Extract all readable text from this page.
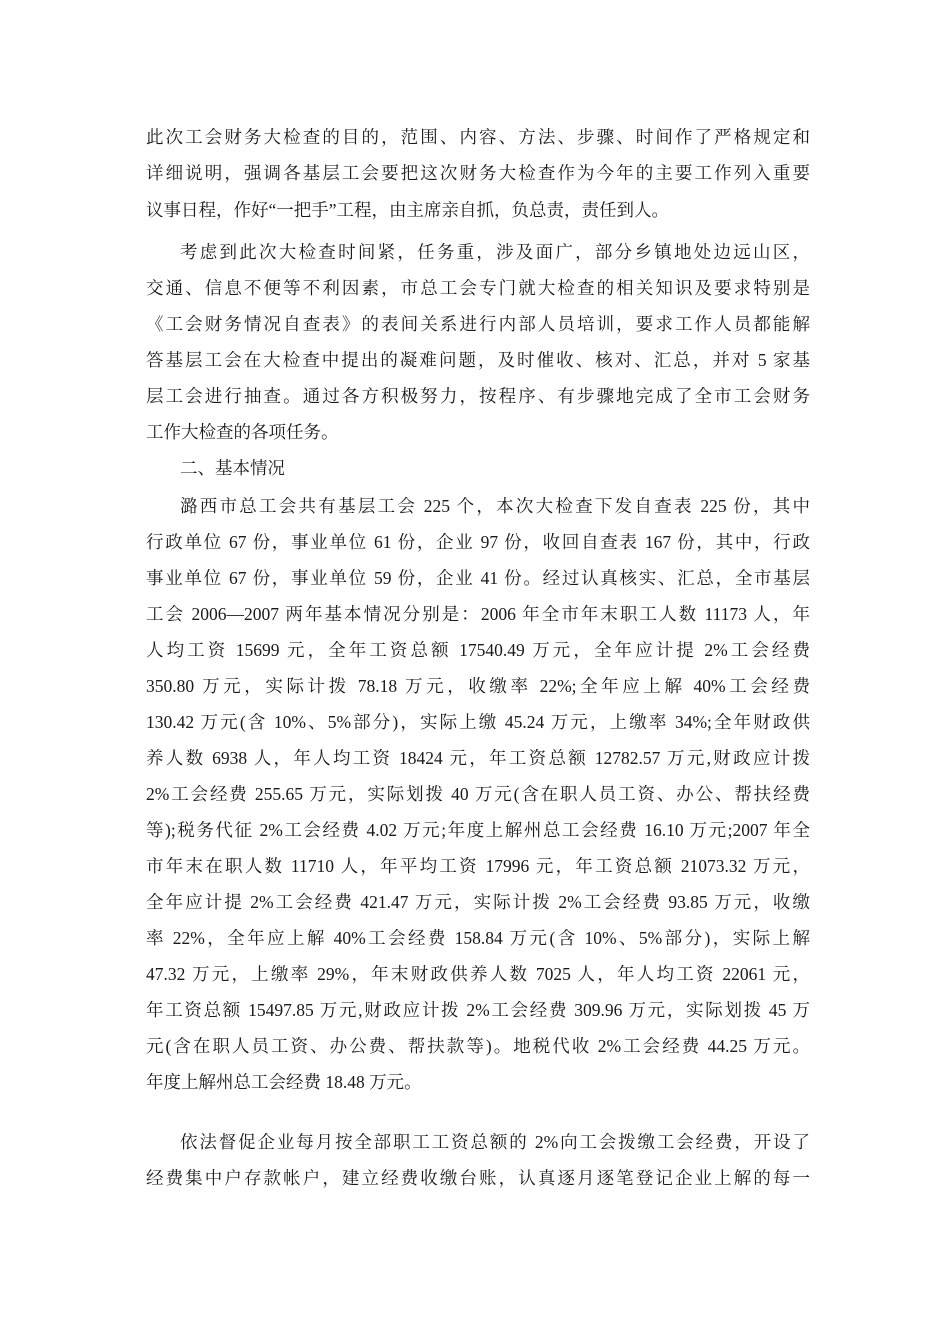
此次工会财务大检查的目的，范围、内容、方法、步骤、时间作了严格规定和
详细说明，强调各基层工会要把这次财务大检查作为今年的主要工作列入重要
议事日程，作好“一把手”工程，由主席亲自抓，负总责，责任到人。
考虑到此次大检查时间紧，任务重，涉及面广，部分乡镇地处边远山区，
交通、信息不便等不利因素，市总工会专门就大检查的相关知识及要求特别是
《工会财务情况自查表》的表间关系进行内部人员培训，要求工作人员都能解
答基层工会在大检查中提出的凝难问题，及时催收、核对、汇总，并对 5 家基
层工会进行抽查。通过各方积极努力，按程序、有步骤地完成了全市工会财务
工作大检查的各项任务。
二、基本情况
潞西市总工会共有基层工会 225 个，本次大检查下发自查表 225 份，其中
行政单位 67 份，事业单位 61 份，企业 97 份，收回自查表 167 份，其中，行政
事业单位 67 份，事业单位 59 份，企业 41 份。经过认真核实、汇总，全市基层
工会 2006—2007 两年基本情况分别是：2006 年全市年末职工人数 11173 人，年
人均工资 15699 元，全年工资总额 17540.49 万元，全年应计提 2%工会经费
350.80 万元，实际计拨 78.18 万元，收缴率 22%;全年应上解 40%工会经费
130.42 万元(含 10%、5%部分)，实际上缴 45.24 万元，上缴率 34%;全年财政供
养人数 6938 人，年人均工资 18424 元，年工资总额 12782.57 万元,财政应计拨
2%工会经费 255.65 万元，实际划拨 40 万元(含在职人员工资、办公、帮扶经费
等);税务代征 2%工会经费 4.02 万元;年度上解州总工会经费 16.10 万元;2007 年全
市年末在职人数 11710 人，年平均工资 17996 元，年工资总额 21073.32 万元，
全年应计提 2%工会经费 421.47 万元，实际计拨 2%工会经费 93.85 万元，收缴
率 22%，全年应上解 40%工会经费 158.84 万元(含 10%、5%部分)，实际上解
47.32 万元，上缴率 29%，年末财政供养人数 7025 人，年人均工资 22061 元，
年工资总额 15497.85 万元,财政应计拨 2%工会经费 309.96 万元，实际划拨 45 万
元(含在职人员工资、办公费、帮扶款等)。地税代收 2%工会经费 44.25 万元。
年度上解州总工会经费 18.48 万元。
依法督促企业每月按全部职工工资总额的 2%向工会拨缴工会经费，开设了
经费集中户存款帐户，建立经费收缴台账，认真逐月逐笔登记企业上解的每一
